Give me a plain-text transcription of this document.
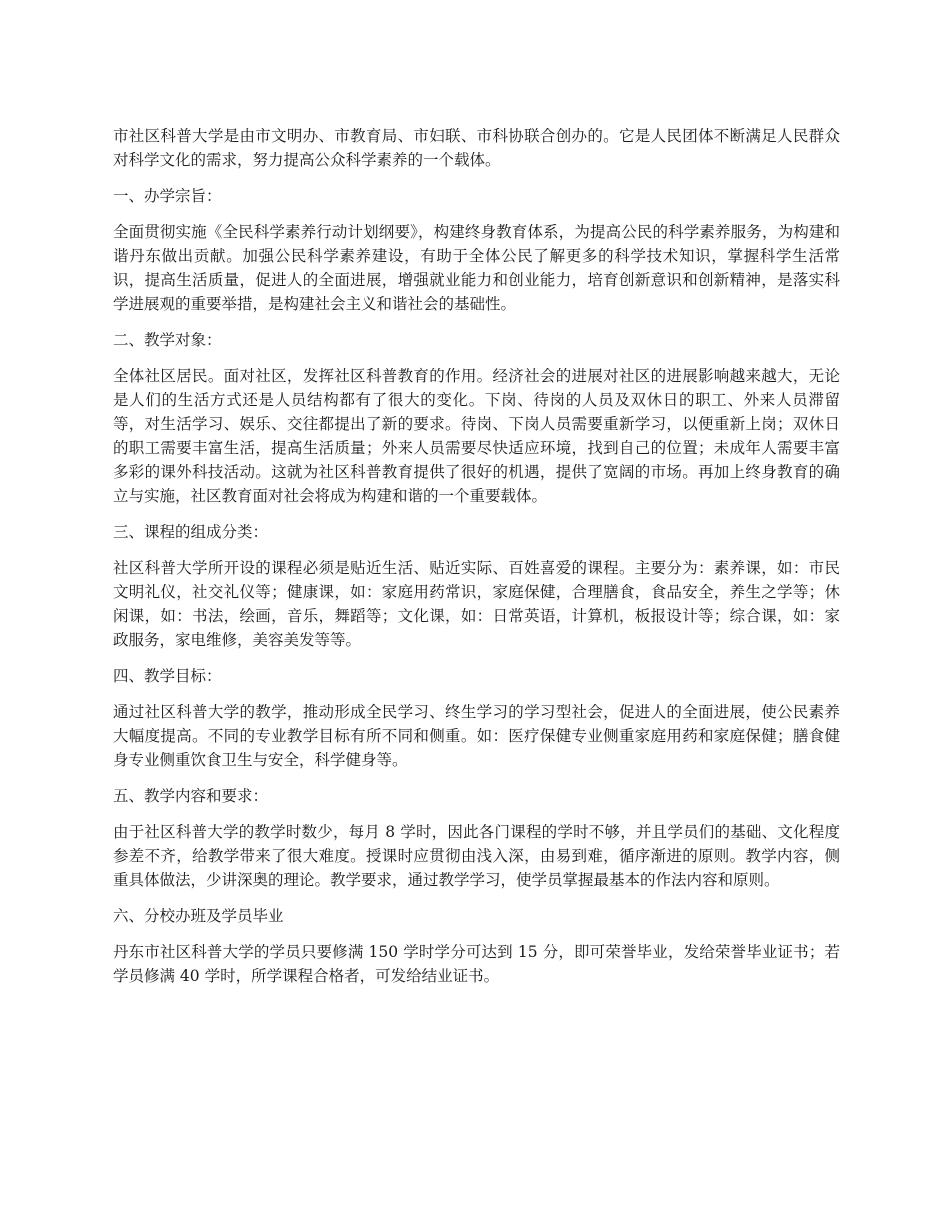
市社区科普大学是由市文明办、市教育局、市妇联、市科协联合创办的。它是人民团体不断满足人民群众对科学文化的需求，努力提高公众科学素养的一个载体。

一、办学宗旨：

全面贯彻实施《全民科学素养行动计划纲要》，构建终身教育体系，为提高公民的科学素养服务，为构建和谐丹东做出贡献。加强公民科学素养建设，有助于全体公民了解更多的科学技术知识，掌握科学生活常识，提高生活质量，促进人的全面进展，增强就业能力和创业能力，培育创新意识和创新精神，是落实科学进展观的重要举措，是构建社会主义和谐社会的基础性。

二、教学对象：

全体社区居民。面对社区，发挥社区科普教育的作用。经济社会的进展对社区的进展影响越来越大，无论是人们的生活方式还是人员结构都有了很大的变化。下岗、待岗的人员及双休日的职工、外来人员滞留等，对生活学习、娱乐、交往都提出了新的要求。待岗、下岗人员需要重新学习，以便重新上岗；双休日的职工需要丰富生活，提高生活质量；外来人员需要尽快适应环境，找到自己的位置；未成年人需要丰富多彩的课外科技活动。这就为社区科普教育提供了很好的机遇，提供了宽阔的市场。再加上终身教育的确立与实施，社区教育面对社会将成为构建和谐的一个重要载体。

三、课程的组成分类：

社区科普大学所开设的课程必须是贴近生活、贴近实际、百姓喜爱的课程。主要分为：素养课，如：市民文明礼仪，社交礼仪等；健康课，如：家庭用药常识，家庭保健，合理膳食，食品安全，养生之学等；休闲课，如：书法，绘画，音乐，舞蹈等；文化课，如：日常英语，计算机，板报设计等；综合课，如：家政服务，家电维修，美容美发等等。

四、教学目标：

通过社区科普大学的教学，推动形成全民学习、终生学习的学习型社会，促进人的全面进展，使公民素养大幅度提高。不同的专业教学目标有所不同和侧重。如：医疗保健专业侧重家庭用药和家庭保健；膳食健身专业侧重饮食卫生与安全，科学健身等。

五、教学内容和要求：

由于社区科普大学的教学时数少，每月 8 学时，因此各门课程的学时不够，并且学员们的基础、文化程度参差不齐，给教学带来了很大难度。授课时应贯彻由浅入深，由易到难，循序渐进的原则。教学内容，侧重具体做法，少讲深奥的理论。教学要求，通过教学学习，使学员掌握最基本的作法内容和原则。

六、分校办班及学员毕业

丹东市社区科普大学的学员只要修满 150 学时学分可达到 15 分，即可荣誉毕业，发给荣誉毕业证书；若学员修满 40 学时，所学课程合格者，可发给结业证书。
